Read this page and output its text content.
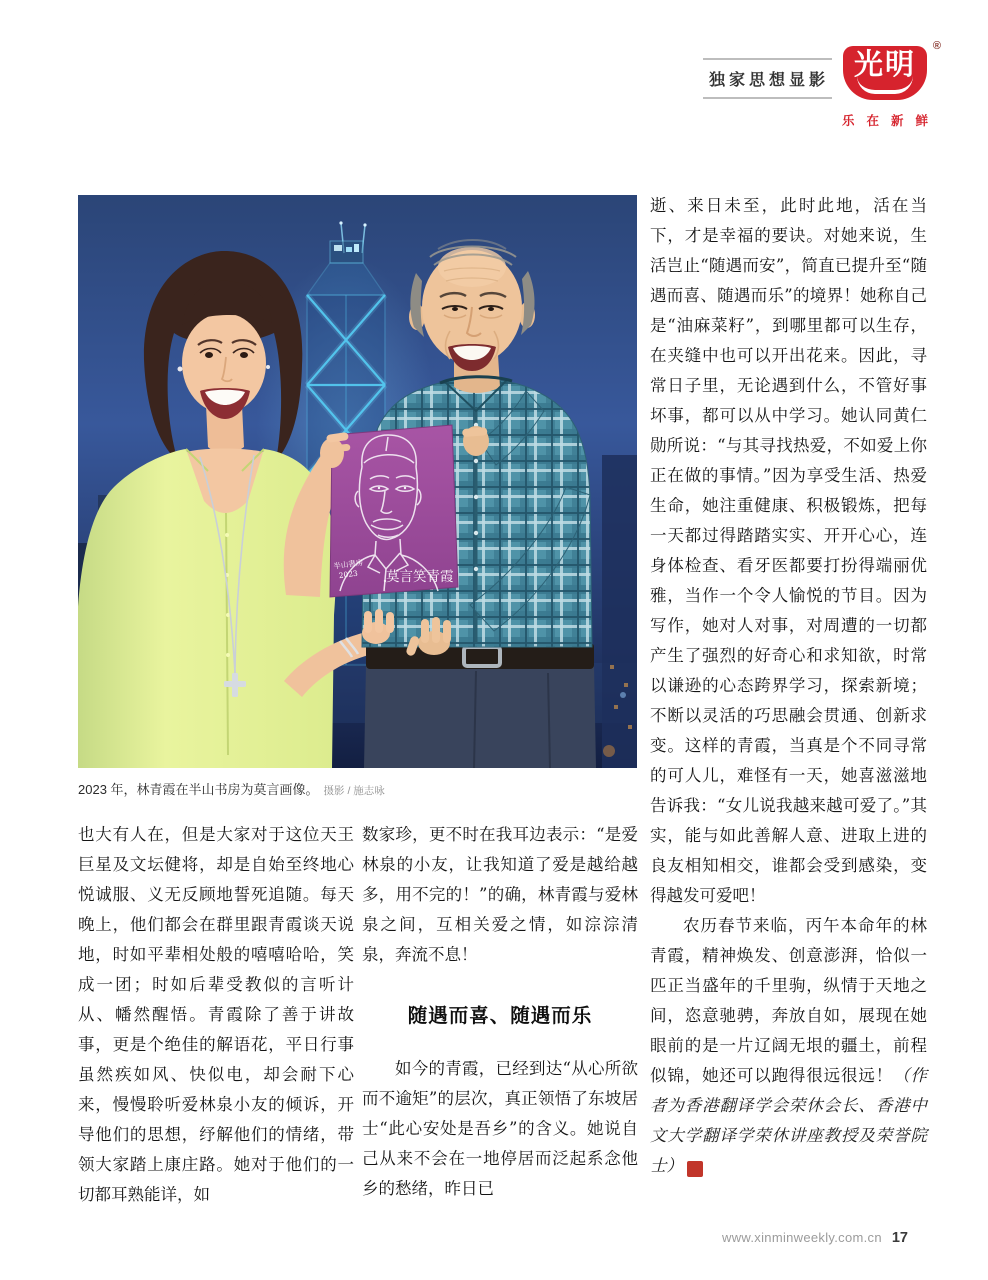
独家思想显影 光明
®
乐在新鲜
莫言笑青霞
半山書房
2023
2023 年，林青霞在半山书房为莫言画像。 摄影 / 施志咏

也大有人在，但是大家对于这位天王巨星及文坛健将，却是自始至终地心悦诚服、义无反顾地誓死追随。每天晚上，他们都会在群里跟青霞谈天说地，时如平辈相处般的嘻嘻哈哈，笑成一团；时如后辈受教似的言听计从、幡然醒悟。青霞除了善于讲故事，更是个绝佳的解语花，平日行事虽然疾如风、快似电，却会耐下心来，慢慢聆听爱林泉小友的倾诉，开导他们的思想，纾解他们的情绪，带领大家踏上康庄路。她对于他们的一切都耳熟能详，如

数家珍，更不时在我耳边表示：“是爱林泉的小友，让我知道了爱是越给越多，用不完的！”的确，林青霞与爱林泉之间，互相关爱之情，如淙淙清泉，奔流不息！

随遇而喜、随遇而乐

如今的青霞，已经到达“从心所欲而不逾矩”的层次，真正领悟了东坡居士“此心安处是吾乡”的含义。她说自己从来不会在一地停居而泛起系念他乡的愁绪，昨日已

逝、来日未至，此时此地，活在当下，才是幸福的要诀。对她来说，生活岂止“随遇而安”，简直已提升至“随遇而喜、随遇而乐”的境界！她称自己是“油麻菜籽”，到哪里都可以生存，在夹缝中也可以开出花来。因此，寻常日子里，无论遇到什么，不管好事坏事，都可以从中学习。她认同黄仁勋所说：“与其寻找热爱，不如爱上你正在做的事情。”因为享受生活、热爱生命，她注重健康、积极锻炼，把每一天都过得踏踏实实、开开心心，连身体检查、看牙医都要打扮得端丽优雅，当作一个令人愉悦的节目。因为写作，她对人对事，对周遭的一切都产生了强烈的好奇心和求知欲，时常以谦逊的心态跨界学习，探索新境；不断以灵活的巧思融会贯通、创新求变。这样的青霞，当真是个不同寻常的可人儿，难怪有一天，她喜滋滋地告诉我：“女儿说我越来越可爱了。”其实，能与如此善解人意、进取上进的良友相知相交，谁都会受到感染，变得越发可爱吧！

农历春节来临，丙午本命年的林青霞，精神焕发、创意澎湃，恰似一匹正当盛年的千里驹，纵情于天地之间，恣意驰骋，奔放自如，展现在她眼前的是一片辽阔无垠的疆土，前程似锦，她还可以跑得很远很远！（作者为香港翻译学会荣休会长、香港中文大学翻译学荣休讲座教授及荣誉院士）	民

www.xinminweekly.com.cn 17
